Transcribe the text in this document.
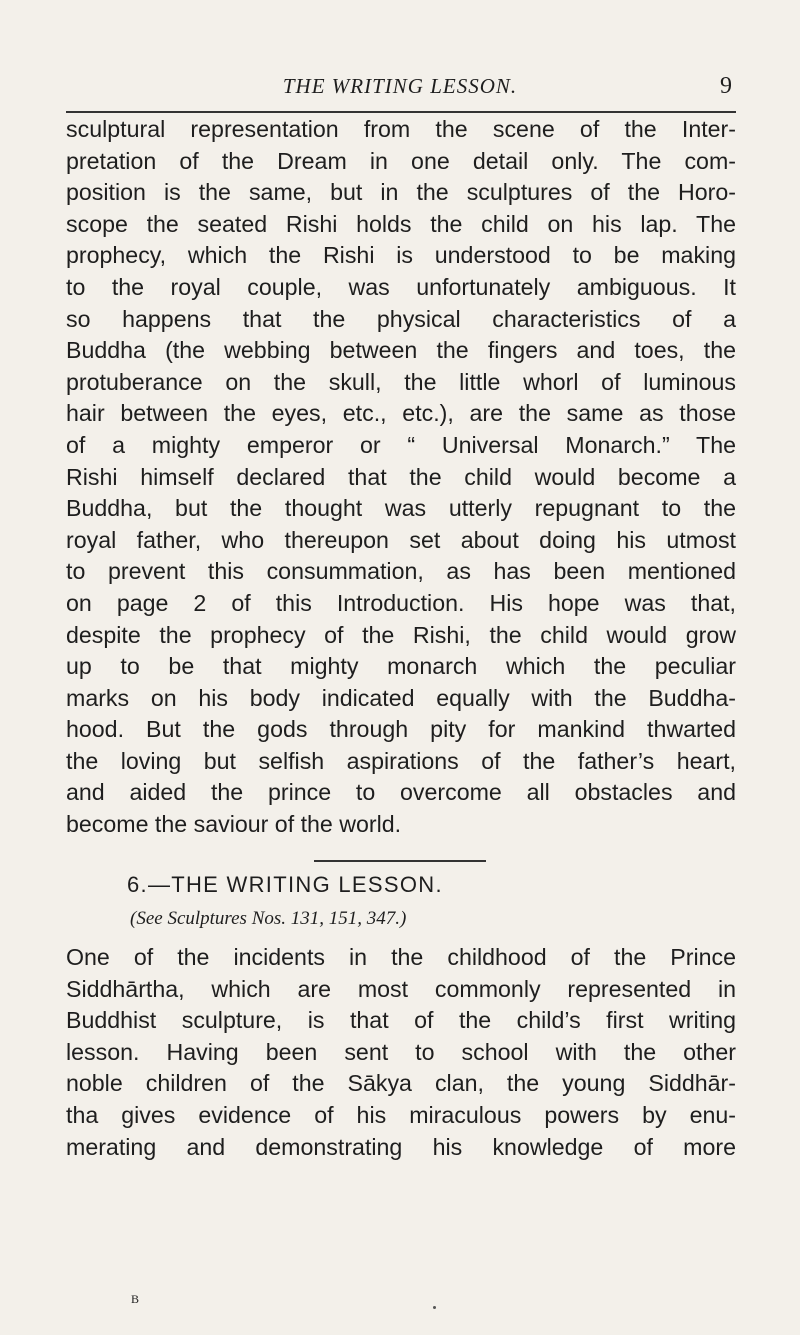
THE WRITING LESSON.	9
sculptural representation from the scene of the Inter-
pretation of the Dream in one detail only. The com-
position is the same, but in the sculptures of the Horo-
scope the seated Rishi holds the child on his lap. The
prophecy, which the Rishi is understood to be making
to the royal couple, was unfortunately ambiguous. It
so happens that the physical characteristics of a
Buddha (the webbing between the fingers and toes, the
protuberance on the skull, the little whorl of luminous
hair between the eyes, etc., etc.), are the same as those
of a mighty emperor or “ Universal Monarch.” The
Rishi himself declared that the child would become a
Buddha, but the thought was utterly repugnant to the
royal father, who thereupon set about doing his utmost
to prevent this consummation, as has been mentioned
on page 2 of this Introduction. His hope was that,
despite the prophecy of the Rishi, the child would grow
up to be that mighty monarch which the peculiar
marks on his body indicated equally with the Buddha-
hood. But the gods through pity for mankind thwarted
the loving but selfish aspirations of the father’s heart,
and aided the prince to overcome all obstacles and
become the saviour of the world.
6.—THE WRITING LESSON.
(See Sculptures Nos. 131, 151, 347.)
One of the incidents in the childhood of the Prince
Siddhārtha, which are most commonly represented in
Buddhist sculpture, is that of the child’s first writing
lesson. Having been sent to school with the other
noble children of the Sākya clan, the young Siddhār-
tha gives evidence of his miraculous powers by enu-
merating and demonstrating his knowledge of more
B
